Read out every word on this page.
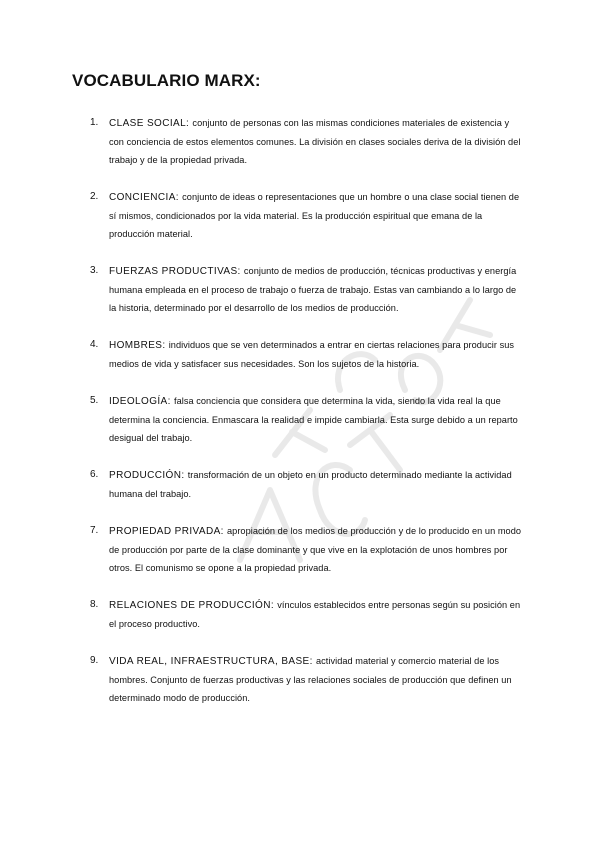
VOCABULARIO MARX:
1.	CLASE SOCIAL: conjunto de personas con las mismas condiciones materiales de existencia y con conciencia de estos elementos comunes. La división en clases sociales deriva de la división del trabajo y de la propiedad privada.
2.	CONCIENCIA: conjunto de ideas o representaciones que un hombre o una clase social tienen de sí mismos, condicionados por la vida material. Es la producción espiritual que emana de la producción material.
3.	FUERZAS PRODUCTIVAS: conjunto de medios de producción, técnicas productivas y energía humana empleada en el proceso de trabajo o fuerza de trabajo. Estas van cambiando a lo largo de la historia, determinado por el desarrollo de los medios de producción.
4.	HOMBRES: individuos que se ven determinados a entrar en ciertas relaciones para producir sus medios de vida y satisfacer sus necesidades. Son los sujetos de la historia.
5.	IDEOLOGÍA: falsa conciencia que considera que determina la vida, siendo la vida real la que determina la conciencia. Enmascara la realidad e impide cambiarla. Esta surge debido a un reparto desigual del trabajo.
6.	PRODUCCIÓN: transformación de un objeto en un producto determinado mediante la actividad humana del trabajo.
7.	PROPIEDAD PRIVADA: apropiación de los medios de producción y de lo producido en un modo de producción por parte de la clase dominante y que vive en la explotación de unos hombres por otros. El comunismo se opone a la propiedad privada.
8.	RELACIONES DE PRODUCCIÓN: vínculos establecidos entre personas según su posición en el proceso productivo.
9.	VIDA REAL, INFRAESTRUCTURA, BASE: actividad material y comercio material de los hombres. Conjunto de fuerzas productivas y las relaciones sociales de producción que definen un determinado modo de producción.
